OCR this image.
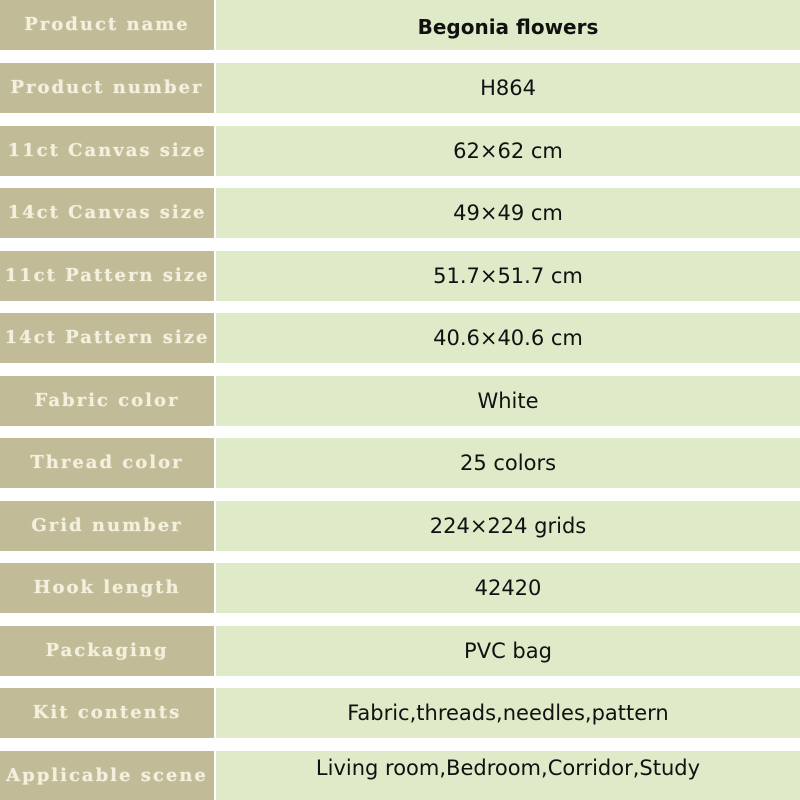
Product name	Begonia flowers
Product number	H864
11ct Canvas size	62×62 cm
14ct Canvas size	49×49 cm
11ct Pattern size	51.7×51.7 cm
14ct Pattern size	40.6×40.6 cm
Fabric color	White
Thread color	25 colors
Grid number	224×224 grids
Hook length	42420
Packaging	PVC bag
Kit contents	Fabric,threads,needles,pattern
Applicable scene	Living room,Bedroom,Corridor,Study
